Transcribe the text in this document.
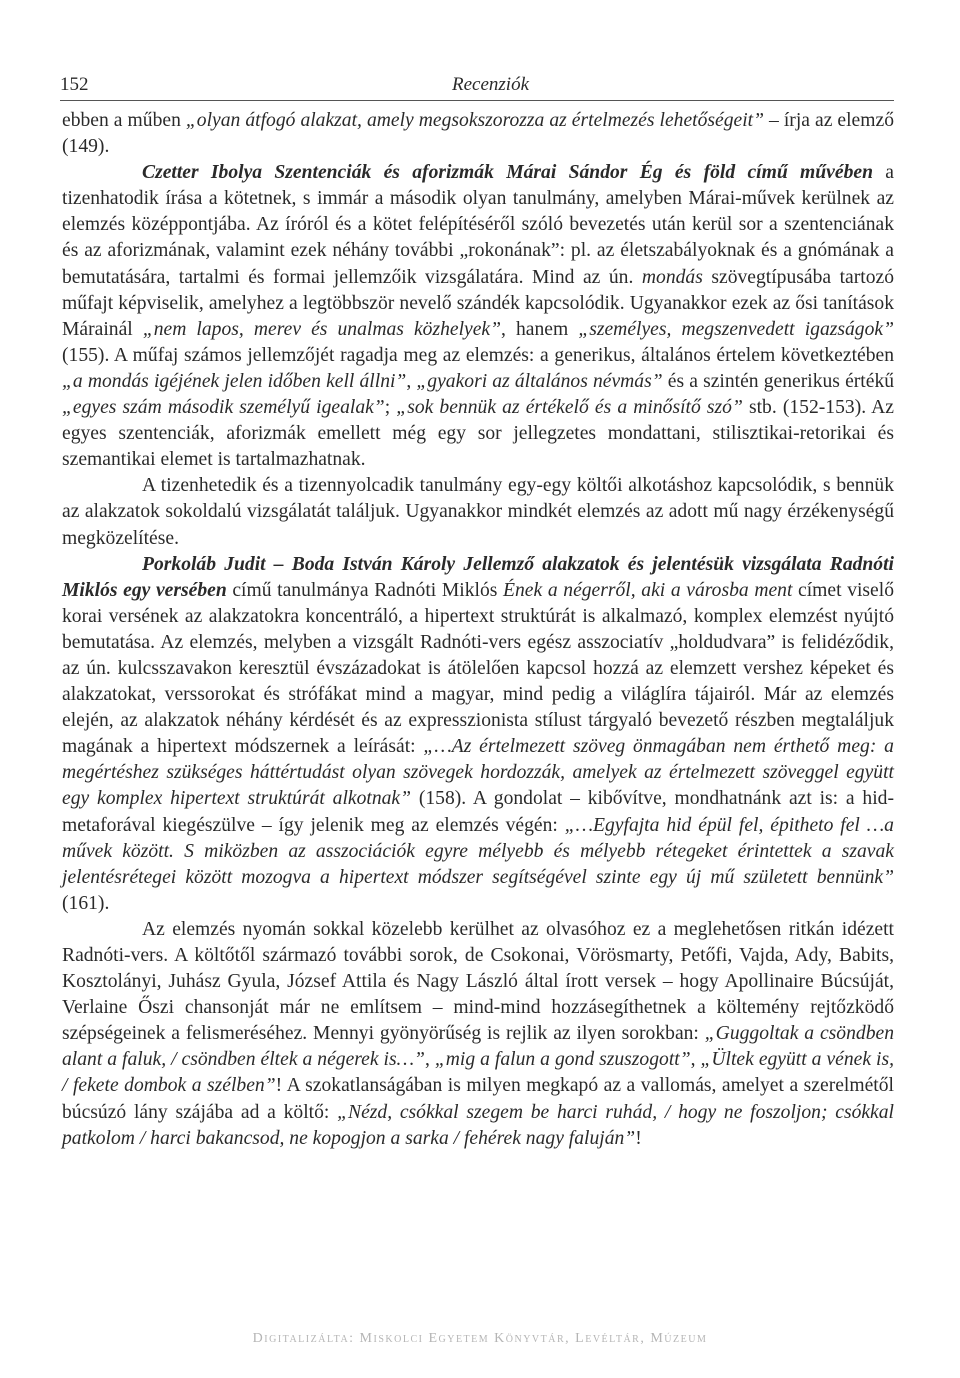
152	Recenziók

ebben a műben „olyan átfogó alakzat, amely megsokszorozza az értelmezés lehetőségeit” – írja az elemző (149).

Czetter Ibolya Szentenciák és aforizmák Márai Sándor Ég és föld című művében a tizenhatodik írása a kötetnek, s immár a második olyan tanulmány, amelyben Márai-művek kerülnek az elemzés középpontjába. Az íróról és a kötet felépítéséről szóló bevezetés után kerül sor a szentenciának és az aforizmának, valamint ezek néhány további „rokonának”: pl. az életszabályoknak és a gnómának a bemutatására, tartalmi és formai jellemzőik vizsgálatára. Mind az ún. mondás szövegtípusába tartozó műfajt képviselik, amelyhez a legtöbbször nevelő szándék kapcsolódik. Ugyanakkor ezek az ősi tanítások Márainál „nem lapos, merev és unalmas közhelyek”, hanem „személyes, megszenvedett igazságok” (155). A műfaj számos jellemzőjét ragadja meg az elemzés: a generikus, általános értelem következtében „a mondás igéjének jelen időben kell állni”, „gyakori az általános névmás” és a szintén generikus értékű „egyes szám második személyű igealak”; „sok bennük az értékelő és a minősítő szó” stb. (152-153). Az egyes szentenciák, aforizmák emellett még egy sor jellegzetes mondattani, stilisztikai-retorikai és szemantikai elemet is tartalmazhatnak.

A tizenhetedik és a tizennyolcadik tanulmány egy-egy költői alkotáshoz kapcsolódik, s bennük az alakzatok sokoldalú vizsgálatát találjuk. Ugyanakkor mindkét elemzés az adott mű nagy érzékenységű megközelítése.

Porkoláb Judit – Boda István Károly Jellemző alakzatok és jelentésük vizsgálata Radnóti Miklós egy versében című tanulmánya Radnóti Miklós Ének a négerről, aki a városba ment címet viselő korai versének az alakzatokra koncentráló, a hipertext struktúrát is alkalmazó, komplex elemzést nyújtó bemutatása. Az elemzés, melyben a vizsgált Radnóti-vers egész asszociatív „holdudvara” is felidéződik, az ún. kulcsszavakon keresztül évszázadokat is átölelően kapcsol hozzá az elemzett vershez képeket és alakzatokat, verssorokat és strófákat mind a magyar, mind pedig a világlíra tájairól. Már az elemzés elején, az alakzatok néhány kérdését és az expresszionista stílust tárgyaló bevezető részben megtaláljuk magának a hipertext módszernek a leírását: „…Az értelmezett szöveg önmagában nem érthető meg: a megértéshez szükséges háttértudást olyan szövegek hordozzák, amelyek az értelmezett szöveggel együtt egy komplex hipertext struktúrát alkotnak” (158). A gondolat – kibővítve, mondhatnánk azt is: a hid-metaforával kiegészülve – így jelenik meg az elemzés végén: „…Egyfajta hid épül fel, épitheto fel …a művek között. S miközben az asszociációk egyre mélyebb és mélyebb rétegeket érintettek a szavak jelentésrétegei között mozogva a hipertext módszer segítségével szinte egy új mű született bennünk” (161).

Az elemzés nyomán sokkal közelebb kerülhet az olvasóhoz ez a meglehetősen ritkán idézett Radnóti-vers. A költőtől származó további sorok, de Csokonai, Vörösmarty, Petőfi, Vajda, Ady, Babits, Kosztolányi, Juhász Gyula, József Attila és Nagy László által írott versek – hogy Apollinaire Búcsúját, Verlaine Őszi chansonját már ne említsem – mind-mind hozzásegíthetnek a költemény rejtőzködő szépségeinek a felismeréséhez. Mennyi gyönyörűség is rejlik az ilyen sorokban: „Guggoltak a csöndben alant a faluk, / csöndben éltek a négerek is…”, „mig a falun a gond szuszogott”, „Ültek együtt a vének is, / fekete dombok a szélben”! A szokatlanságában is milyen megkapó az a vallomás, amelyet a szerelmétől búcsúzó lány szájába ad a költő: „Nézd, csókkal szegem be harci ruhád, / hogy ne foszoljon; csókkal patkolom / harci bakancsod, ne kopogjon a sarka / fehérek nagy faluján”!

Digitalizálta: Miskolci Egyetem Könyvtár, Levéltár, Múzeum
